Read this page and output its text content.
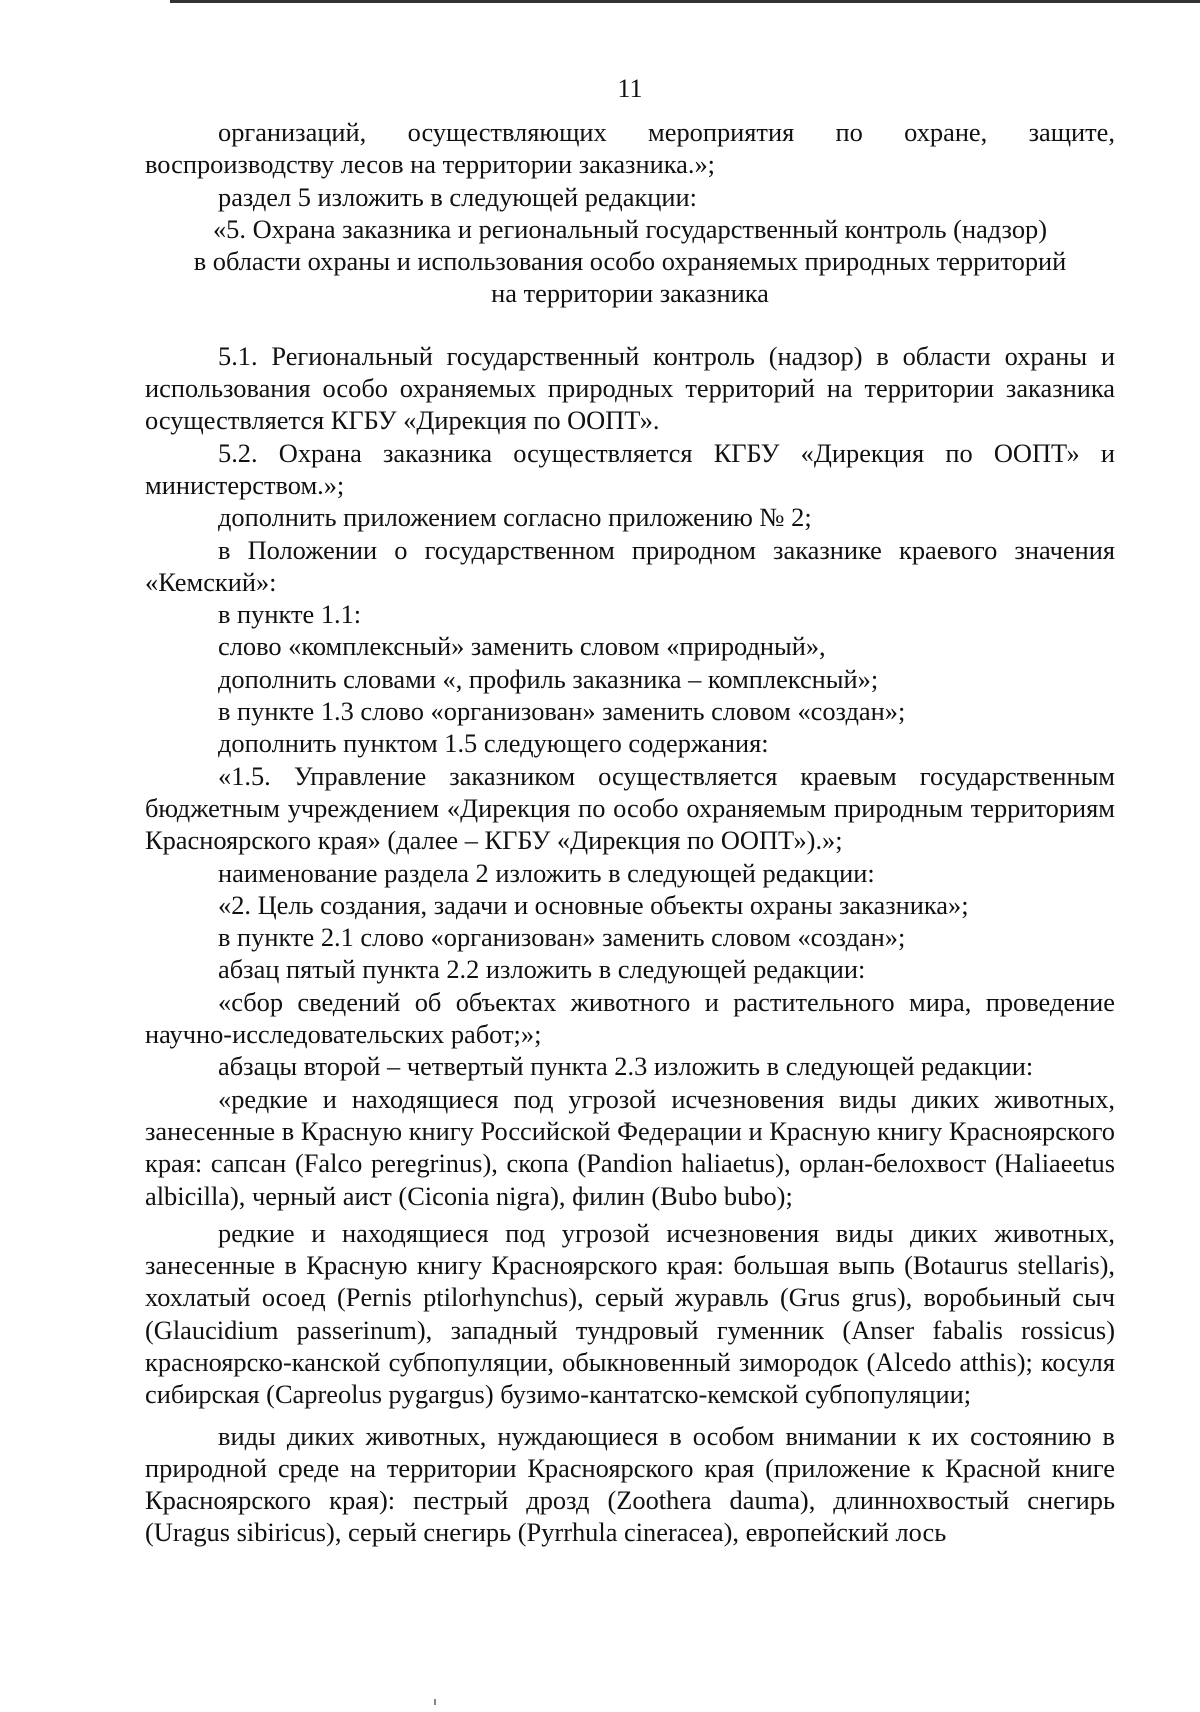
11

организаций, осуществляющих мероприятия по охране, защите, воспроизводству лесов на территории заказника.»;

раздел 5 изложить в следующей редакции:

«5. Охрана заказника и региональный государственный контроль (надзор)

в области охраны и использования особо охраняемых природных территорий

на территории заказника

5.1. Региональный государственный контроль (надзор) в области охраны и использования особо охраняемых природных территорий на территории заказника осуществляется КГБУ «Дирекция по ООПТ».

5.2. Охрана заказника осуществляется КГБУ «Дирекция по ООПТ» и министерством.»;

дополнить приложением согласно приложению № 2;

в Положении о государственном природном заказнике краевого значения «Кемский»:

в пункте 1.1:

слово «комплексный» заменить словом «природный»,

дополнить словами «, профиль заказника – комплексный»;

в пункте 1.3 слово «организован» заменить словом «создан»;

дополнить пунктом 1.5 следующего содержания:

«1.5. Управление заказником осуществляется краевым государственным бюджетным учреждением «Дирекция по особо охраняемым природным территориям Красноярского края» (далее – КГБУ «Дирекция по ООПТ»).»;

наименование раздела 2 изложить в следующей редакции:

«2. Цель создания, задачи и основные объекты охраны заказника»;

в пункте 2.1 слово «организован» заменить словом «создан»;

абзац пятый пункта 2.2 изложить в следующей редакции:

«сбор сведений об объектах животного и растительного мира, проведение научно-исследовательских работ;»;

абзацы второй – четвертый пункта 2.3 изложить в следующей редакции:

«редкие и находящиеся под угрозой исчезновения виды диких животных, занесенные в Красную книгу Российской Федерации и Красную книгу Красноярского края: сапсан (Falco peregrinus), скопа (Pandion haliaetus), орлан-белохвост (Haliaeetus albicilla), черный аист (Ciconia nigra), филин (Bubo bubo);

редкие и находящиеся под угрозой исчезновения виды диких животных, занесенные в Красную книгу Красноярского края: большая выпь (Botaurus stellaris), хохлатый осоед (Pernis ptilorhynchus), серый журавль (Grus grus), воробьиный сыч (Glaucidium passerinum), западный тундровый гуменник (Anser fabalis rossicus) красноярско-канской субпопуляции, обыкновенный зимородок (Alcedo atthis); косуля сибирская (Capreolus pygargus) бузимо-кантатско-кемской субпопуляции;

виды диких животных, нуждающиеся в особом внимании к их состоянию в природной среде на территории Красноярского края (приложение к Красной книге Красноярского края): пестрый дрозд (Zoothera dauma), длиннохвостый снегирь (Uragus sibiricus), серый снегирь (Pyrrhula cineracea), европейский лось
